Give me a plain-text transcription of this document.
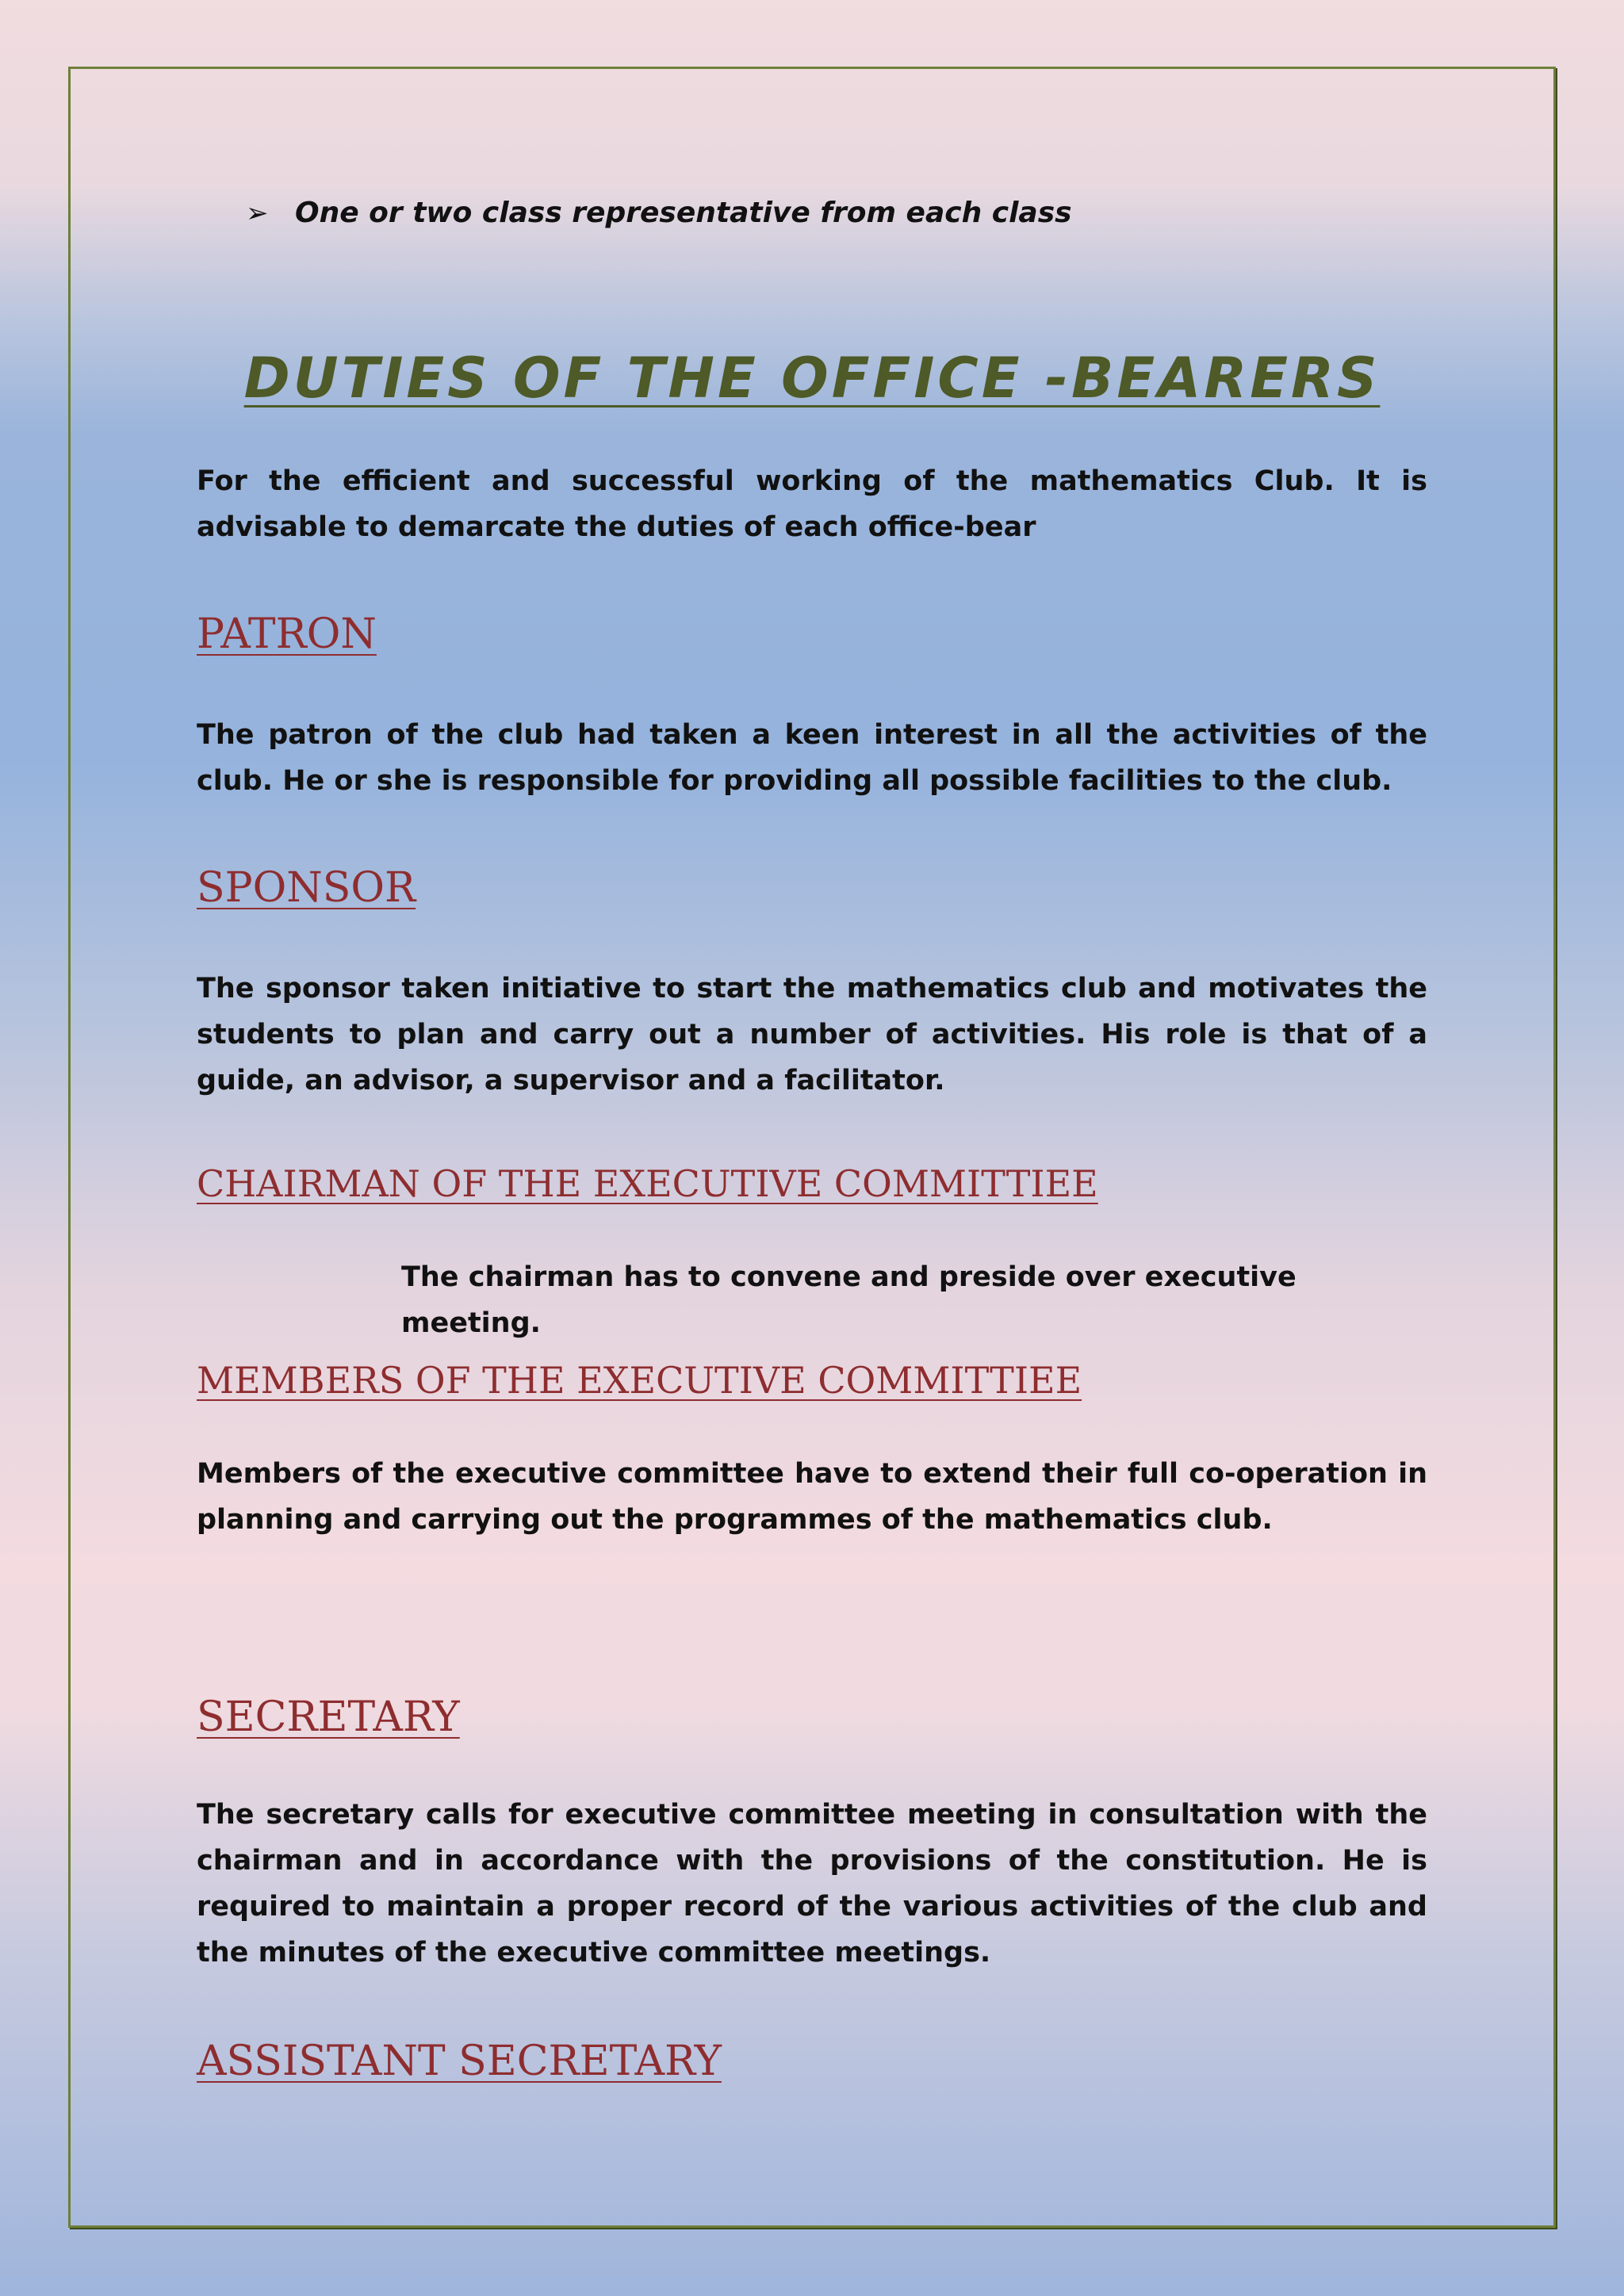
➢ One or two class representative from each class
DUTIES OF THE OFFICE -BEARERS
For the efficient and successful working of the mathematics Club. It is advisable to demarcate the duties of each office-bear
PATRON
The patron of the club had taken a keen interest in all the activities of the club. He or she is responsible for providing all possible facilities to the club.
SPONSOR
The sponsor taken initiative to start the mathematics club and motivates the students to plan and carry out a number of activities. His role is that of a guide, an advisor, a supervisor and a facilitator.
CHAIRMAN OF THE EXECUTIVE COMMITTIEE
The chairman has to convene and preside over executive meeting.
MEMBERS OF THE EXECUTIVE COMMITTIEE
Members of the executive committee have to extend their full co-operation in planning and carrying out the programmes of the mathematics club.
SECRETARY
The secretary calls for executive committee meeting in consultation with the chairman and in accordance with the provisions of the constitution. He is required to maintain a proper record of the various activities of the club and the minutes of the executive committee meetings.
ASSISTANT SECRETARY
